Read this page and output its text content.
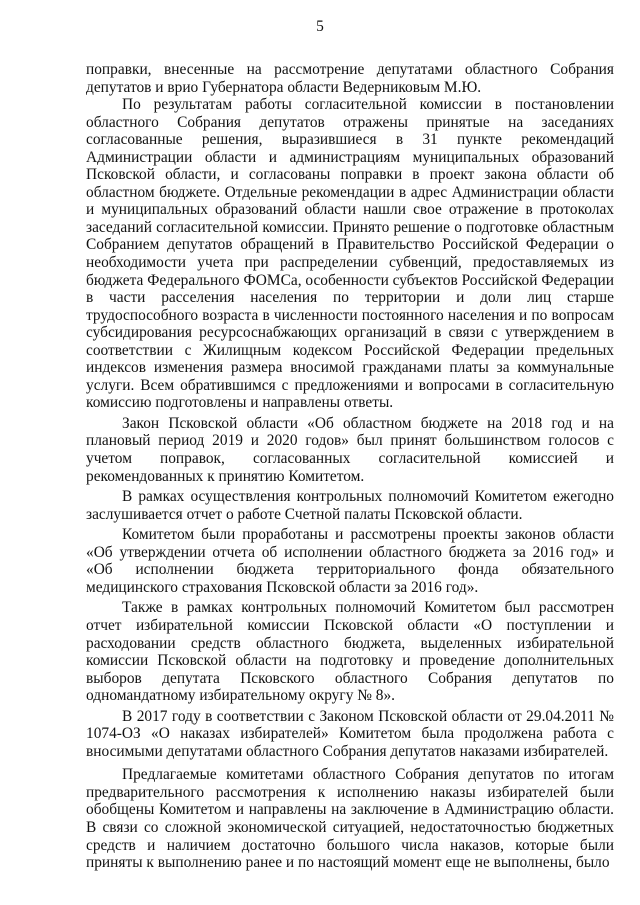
5

поправки, внесенные на рассмотрение депутатами областного Собрания депутатов и врио Губернатора области Ведерниковым М.Ю.

По результатам работы согласительной комиссии в постановлении областного Собрания депутатов отражены принятые на заседаниях согласованные решения, выразившиеся в 31 пункте рекомендаций Администрации области и администрациям муниципальных образований Псковской области, и согласованы поправки в проект закона области об областном бюджете. Отдельные рекомендации в адрес Администрации области и муниципальных образований области нашли свое отражение в протоколах заседаний согласительной комиссии. Принято решение о подготовке областным Собранием депутатов обращений в Правительство Российской Федерации о необходимости учета при распределении субвенций, предоставляемых из бюджета Федерального ФОМСа, особенности субъектов Российской Федерации в части расселения населения по территории и доли лиц старше трудоспособного возраста в численности постоянного населения и по вопросам субсидирования ресурсоснабжающих организаций в связи с утверждением в соответствии с Жилищным кодексом Российской Федерации предельных индексов изменения размера вносимой гражданами платы за коммунальные услуги. Всем обратившимся с предложениями и вопросами в согласительную комиссию подготовлены и направлены ответы.

Закон Псковской области «Об областном бюджете на 2018 год и на плановый период 2019 и 2020 годов» был принят большинством голосов с учетом поправок, согласованных согласительной комиссией и рекомендованных к принятию Комитетом.

В рамках осуществления контрольных полномочий Комитетом ежегодно заслушивается отчет о работе Счетной палаты Псковской области.

Комитетом были проработаны и рассмотрены проекты законов области «Об утверждении отчета об исполнении областного бюджета за 2016 год» и «Об исполнении бюджета территориального фонда обязательного медицинского страхования Псковской области за 2016 год».

Также в рамках контрольных полномочий Комитетом был рассмотрен отчет избирательной комиссии Псковской области «О поступлении и расходовании средств областного бюджета, выделенных избирательной комиссии Псковской области на подготовку и проведение дополнительных выборов депутата Псковского областного Собрания депутатов по одномандатному избирательному округу № 8».

В 2017 году в соответствии с Законом Псковской области от 29.04.2011 № 1074-ОЗ «О наказах избирателей» Комитетом была продолжена работа с вносимыми депутатами областного Собрания депутатов наказами избирателей.

Предлагаемые комитетами областного Собрания депутатов по итогам предварительного рассмотрения к исполнению наказы избирателей были обобщены Комитетом и направлены на заключение в Администрацию области. В связи со сложной экономической ситуацией, недостаточностью бюджетных средств и наличием достаточно большого числа наказов, которые были приняты к выполнению ранее и по настоящий момент еще не выполнены, было
